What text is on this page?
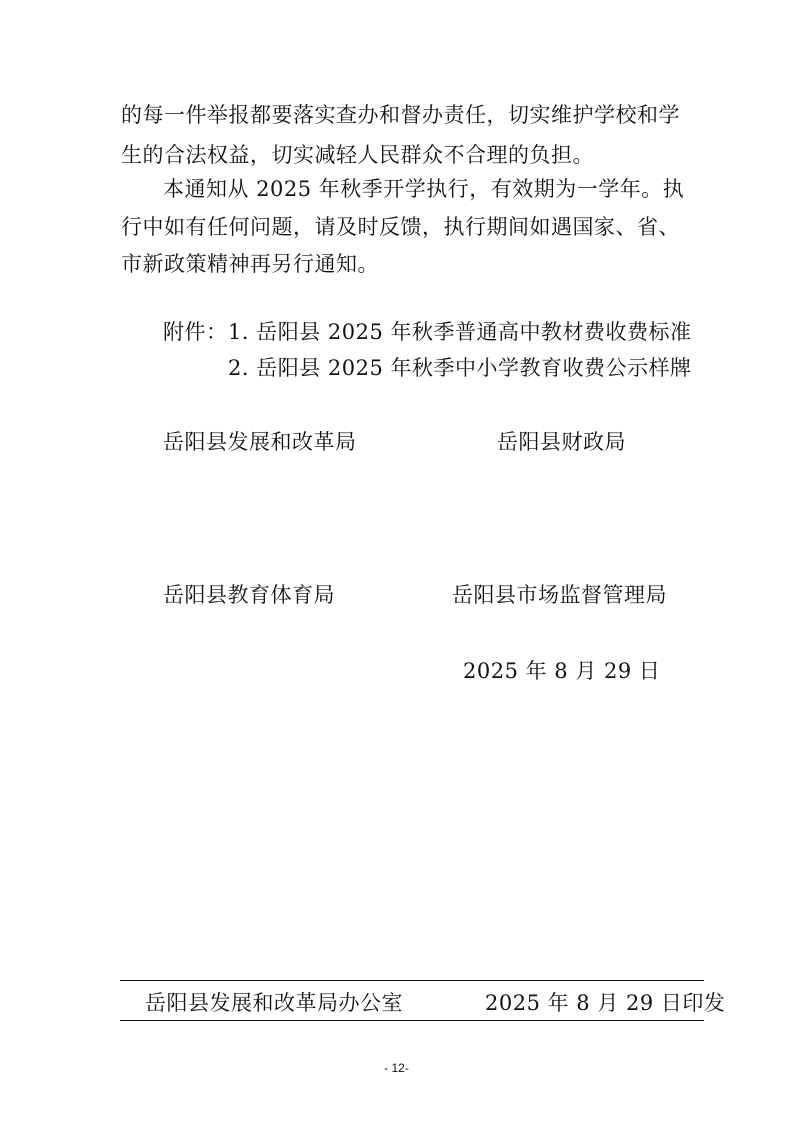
的每一件举报都要落实查办和督办责任，切实维护学校和学
生的合法权益，切实减轻人民群众不合理的负担。
本通知从 2025 年秋季开学执行，有效期为一学年。执
行中如有任何问题，请及时反馈，执行期间如遇国家、省、
市新政策精神再另行通知。
附件： 1. 岳阳县 2025 年秋季普通高中教材费收费标准
2. 岳阳县 2025 年秋季中小学教育收费公示样牌
岳阳县发展和改革局	岳阳县财政局
岳阳县教育体育局	岳阳县市场监督管理局
2025 年 8 月 29 日
岳阳县发展和改革局办公室	2025 年 8 月 29 日印发
- 12-
